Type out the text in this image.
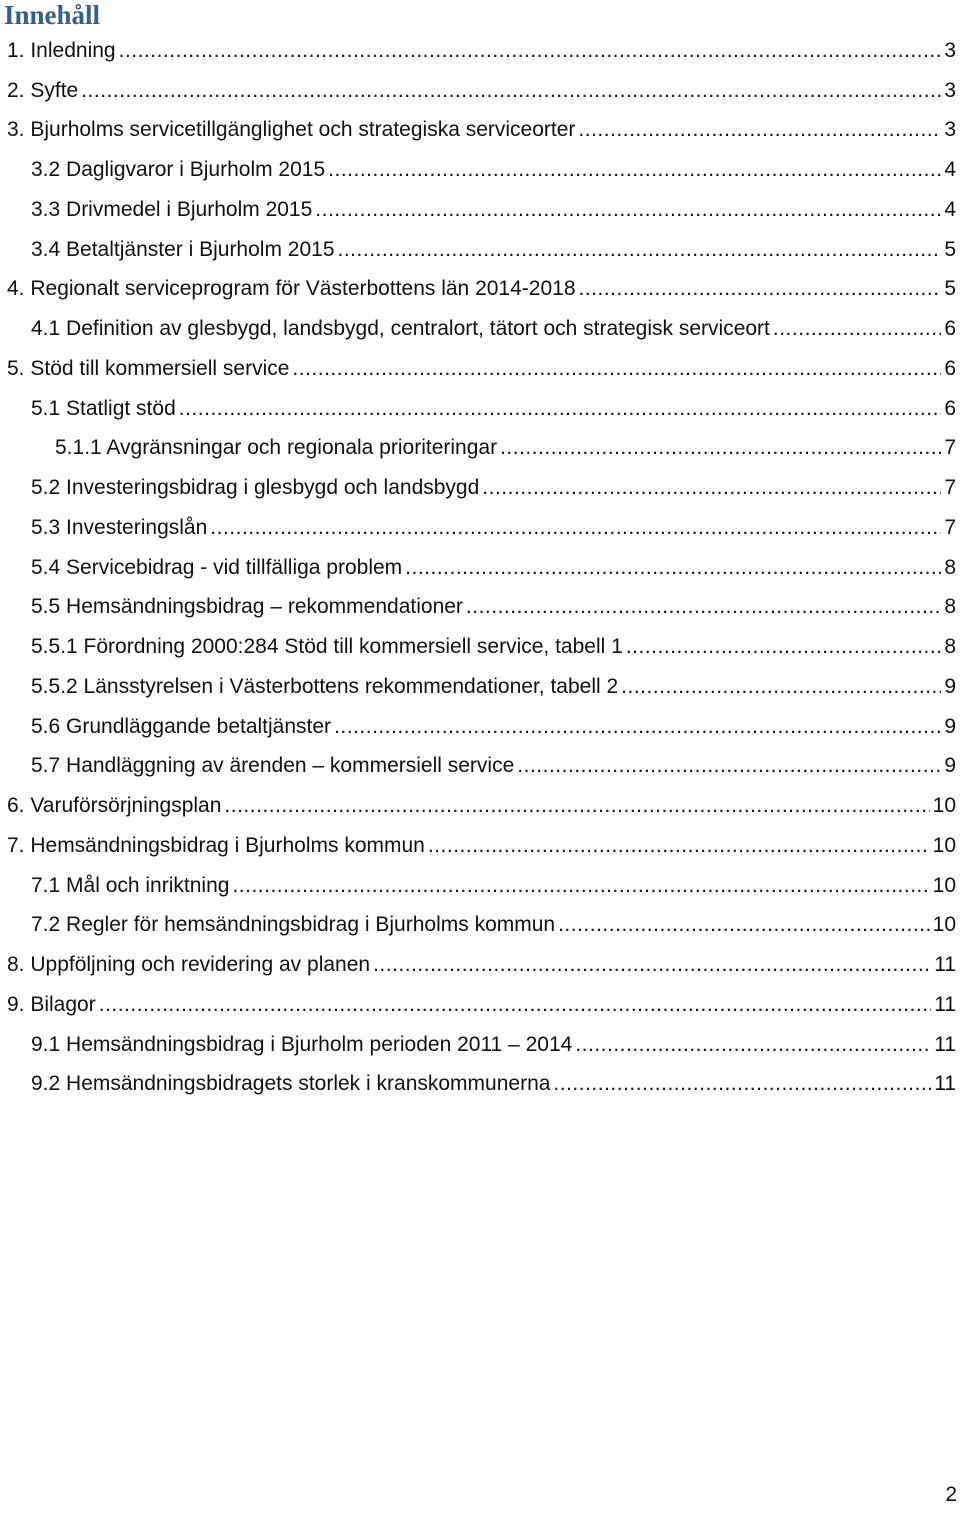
Innehåll
1. Inledning .....	3
2. Syfte .....	3
3. Bjurholms servicetillgänglighet och strategiska serviceorter .....	3
3.2 Dagligvaror i Bjurholm 2015 .....	4
3.3 Drivmedel i Bjurholm 2015 .....	4
3.4 Betaltjänster i Bjurholm 2015 .....	5
4. Regionalt serviceprogram för Västerbottens län 2014-2018 .....	5
4.1 Definition av glesbygd, landsbygd, centralort, tätort och strategisk serviceort .....	6
5. Stöd till kommersiell service .....	6
5.1 Statligt stöd .....	6
5.1.1 Avgränsningar och regionala prioriteringar .....	7
5.2 Investeringsbidrag i glesbygd och landsbygd .....	7
5.3 Investeringslån .....	7
5.4 Servicebidrag - vid tillfälliga problem .....	8
5.5 Hemsändningsbidrag – rekommendationer .....	8
5.5.1 Förordning 2000:284 Stöd till kommersiell service, tabell 1 .....	8
5.5.2 Länsstyrelsen i Västerbottens rekommendationer, tabell 2 .....	9
5.6 Grundläggande betaltjänster .....	9
5.7 Handläggning av ärenden – kommersiell service .....	9
6. Varuförsörjningsplan .....	10
7. Hemsändningsbidrag i Bjurholms kommun .....	10
7.1 Mål och inriktning .....	10
7.2 Regler för hemsändningsbidrag i Bjurholms kommun .....	10
8. Uppföljning och revidering av planen .....	11
9. Bilagor .....	11
9.1 Hemsändningsbidrag i Bjurholm perioden 2011 – 2014 .....	11
9.2 Hemsändningsbidragets storlek i kranskommunerna .....	11
2
